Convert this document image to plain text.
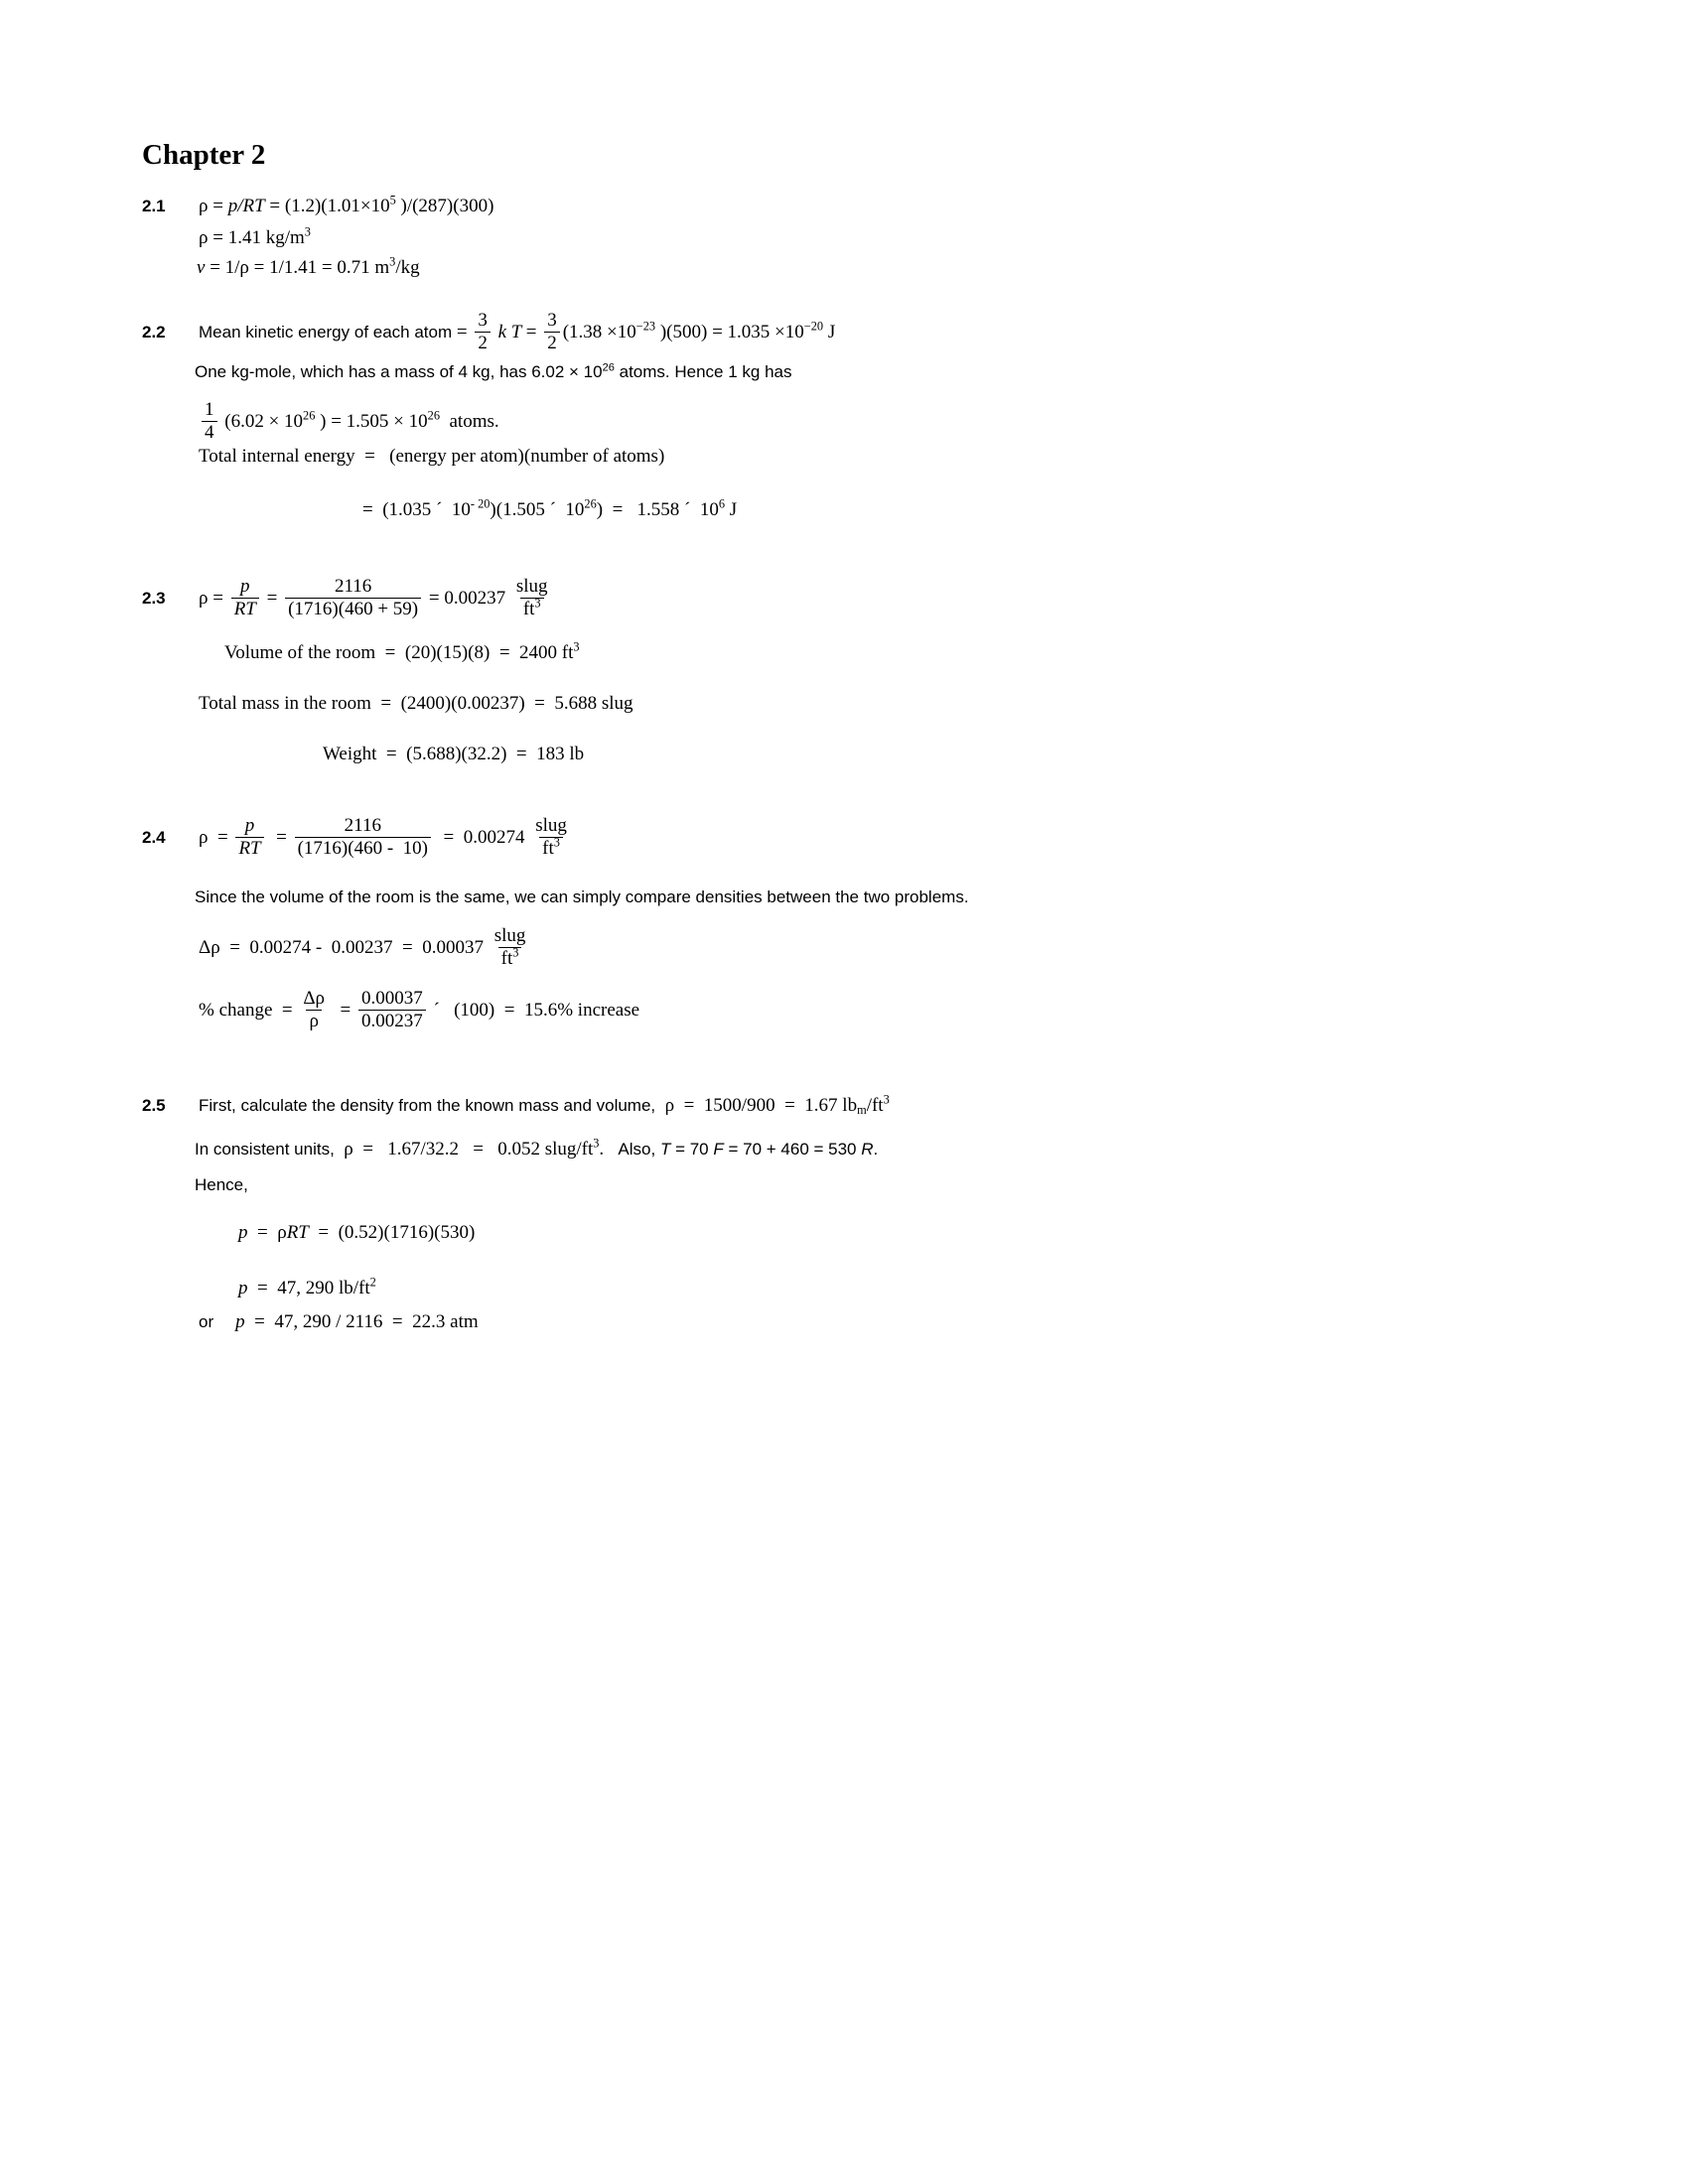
Chapter 2
2.1 $\rho = p/RT = (1.2)(1.01\times 10^5$ )/(287)(300)
ρ = 1.41 $kg/m^3$
v = 1/ρ = 1/1.41 = 0.71 $m^3/kg$
2.2	Mean kinetic energy of each atom = $\frac{3}{2}$ k $T = \frac{3}{2} (1.38 \times 10^{-23}$ )$(500) = 1.035 \times 10^{-20}$ J
One kg-mole, which has a mass of 4 kg, has $6.02 \times 10^{26}$ atoms. Hence 1 kg has
$\frac{1}{4} (6.02 \times 10^{26}$ ) = $1.505 \times 10^{26}$  atoms.
Total internal energy  =   (energy per atom)(number of atoms)
=  (1.035 ´  $10^{- 20})(1.505$ ´  $10^{26}) = 1.558$ ´  $10^6$ J
2.3	$\rho = \frac{p}{RT} = \frac{2116}{(1716)(460 + 59)} = 0.00237 \frac{\text{slug}}{ft^3}$
Volume of the room  =  (20)(15)(8)  =  2400 $ft^3$
Total mass in the room  =  (2400)(0.00237)  =  5.688 slug
Weight  =  (5.688)(32.2)  =  183 lb
2.4	$\rho = \frac{p}{RT} = \frac{2116}{(1716)(460 - 10)} = 0.00274 \frac{\text{slug}}{ft^3}$
Since the volume of the room is the same, we can simply compare densities between the two problems.
$\Delta\rho = 0.00274 - 0.00237 = 0.00037 \frac{\text{slug}}{ft^3}$
% change  = $\frac{\Delta\rho}{\rho} = \frac{0.00037}{0.00237}$ ´   (100)  =  15.6% increase
2.5 First, calculate the density from the known mass and volume,  ρ  =  1500/900  =  1.67 $lb_m/ft^3$
In consistent units,  ρ  =   1.67/32.2   =   0.052 slug/$ft^3$.   Also, T = 70 F = 70 + 460 = 530 R.
Hence,
p  =  ρRT  =  (0.52)(1716)(530)
p  =  47, 290 $lb/ft^2$
or p  =  47, 290 / 2116  =  22.3 atm
